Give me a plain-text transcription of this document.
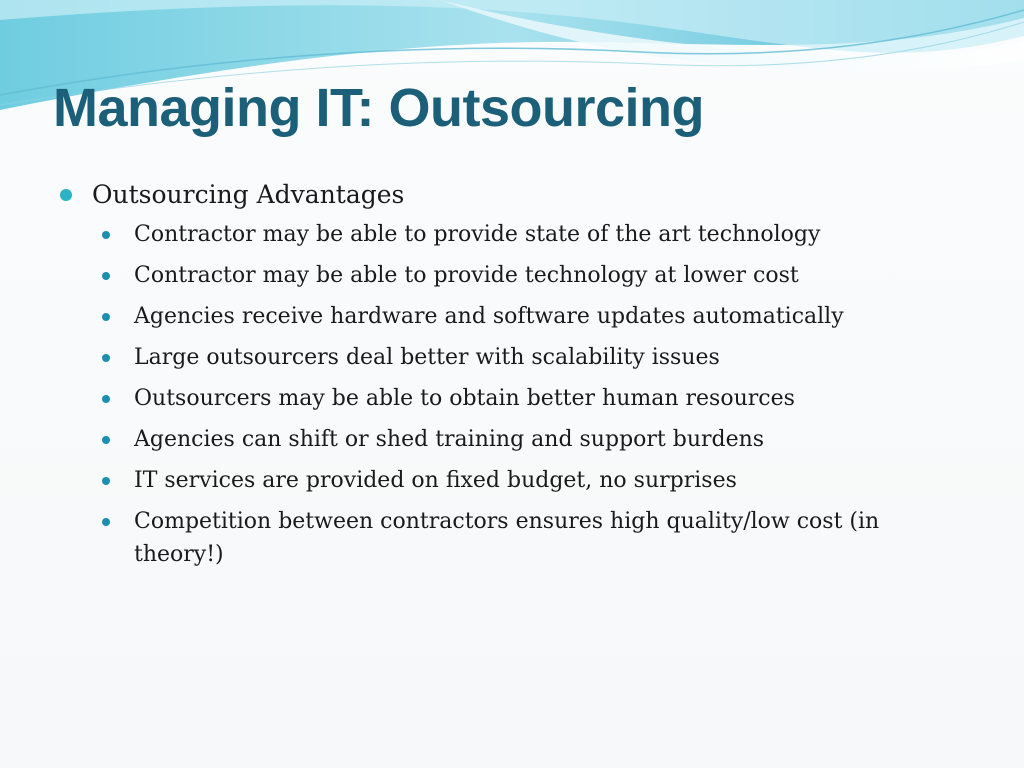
Managing IT: Outsourcing
Outsourcing Advantages
Contractor may be able to provide state of the art technology
Contractor may be able to provide technology at lower cost
Agencies receive hardware and software updates automatically
Large outsourcers deal better with scalability issues
Outsourcers may be able to obtain better human resources
Agencies can shift or shed training and support burdens
IT services are provided on fixed budget, no surprises
Competition between contractors ensures high quality/low cost (in theory!)
